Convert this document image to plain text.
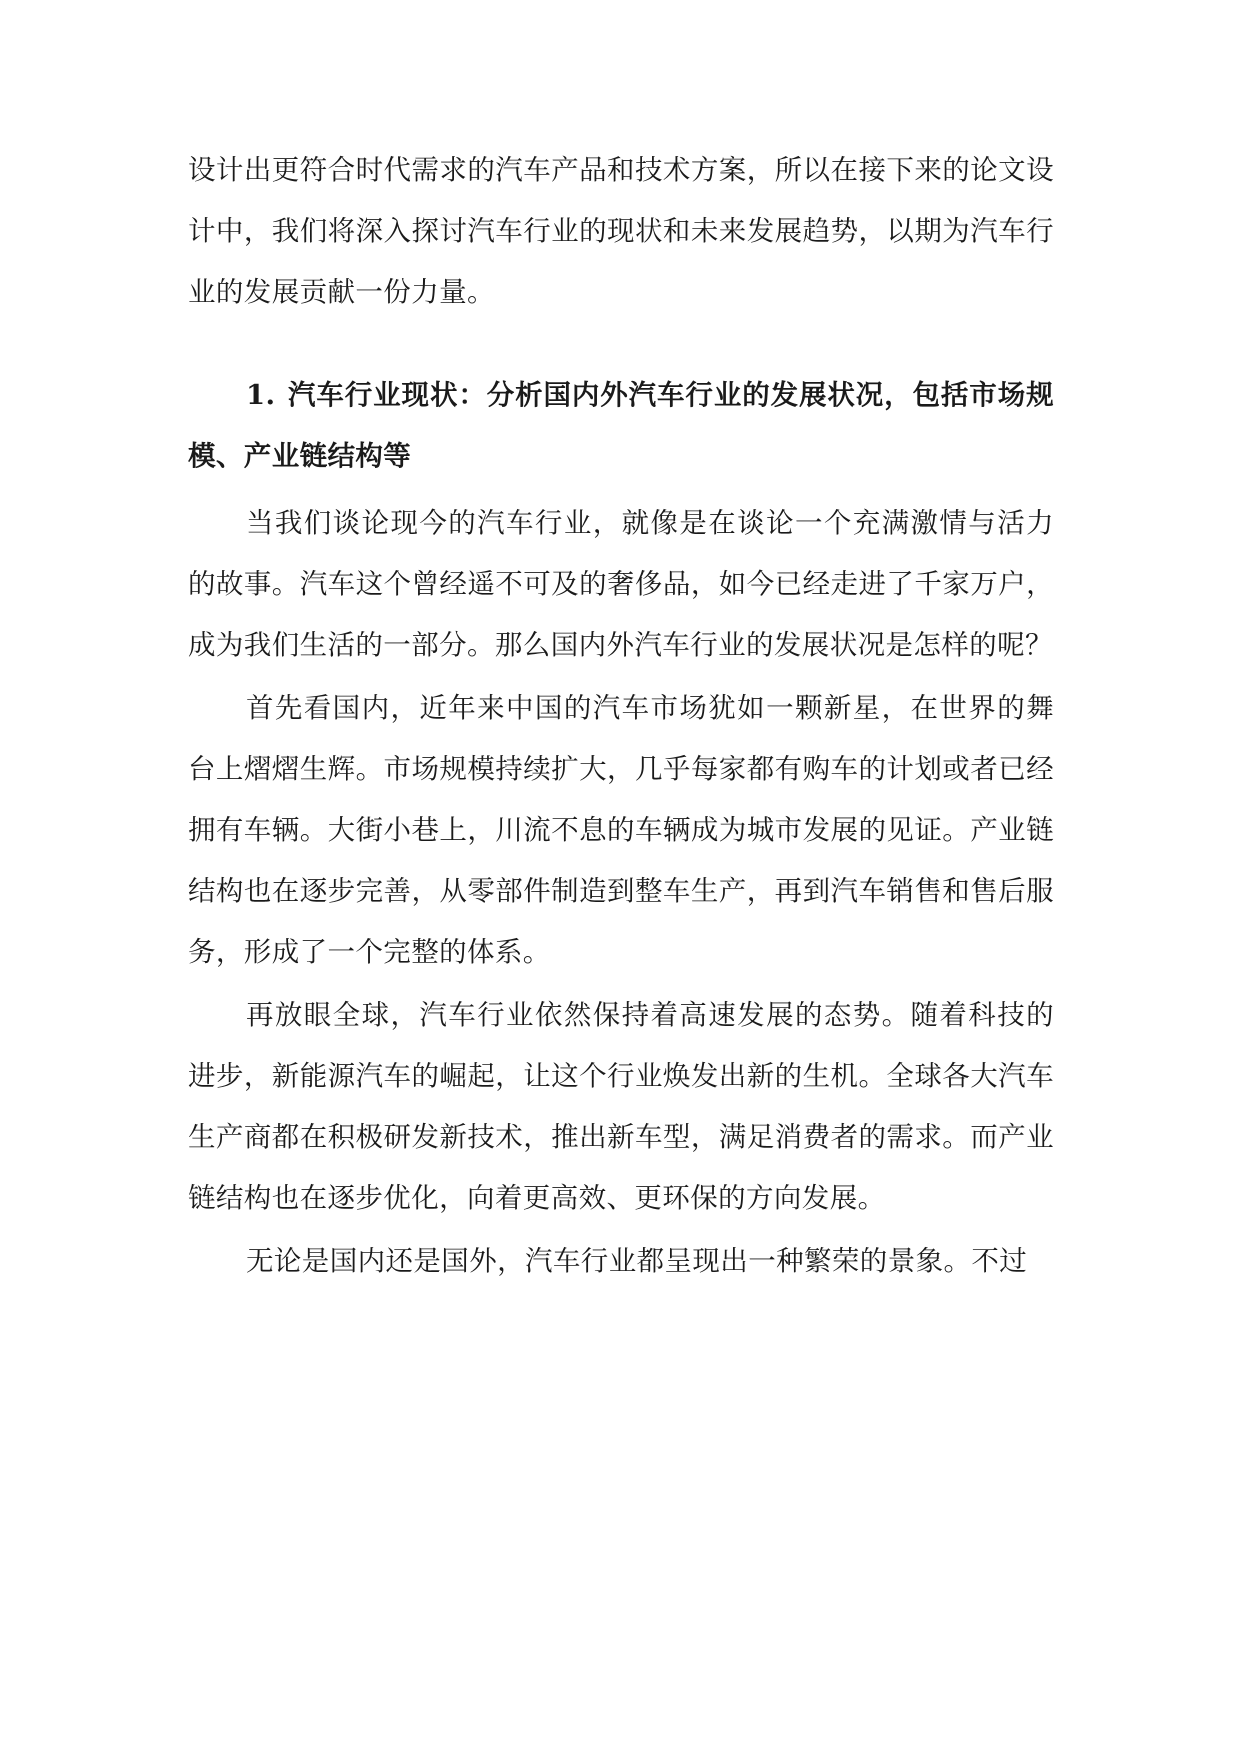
设计出更符合时代需求的汽车产品和技术方案，所以在接下来的论文设计中，我们将深入探讨汽车行业的现状和未来发展趋势，以期为汽车行业的发展贡献一份力量。

1. 汽车行业现状：分析国内外汽车行业的发展状况，包括市场规模、产业链结构等

当我们谈论现今的汽车行业，就像是在谈论一个充满激情与活力的故事。汽车这个曾经遥不可及的奢侈品，如今已经走进了千家万户，成为我们生活的一部分。那么国内外汽车行业的发展状况是怎样的呢？

首先看国内，近年来中国的汽车市场犹如一颗新星，在世界的舞台上熠熠生辉。市场规模持续扩大，几乎每家都有购车的计划或者已经拥有车辆。大街小巷上，川流不息的车辆成为城市发展的见证。产业链结构也在逐步完善，从零部件制造到整车生产，再到汽车销售和售后服务，形成了一个完整的体系。

再放眼全球，汽车行业依然保持着高速发展的态势。随着科技的进步，新能源汽车的崛起，让这个行业焕发出新的生机。全球各大汽车生产商都在积极研发新技术，推出新车型，满足消费者的需求。而产业链结构也在逐步优化，向着更高效、更环保的方向发展。

无论是国内还是国外，汽车行业都呈现出一种繁荣的景象。不过
